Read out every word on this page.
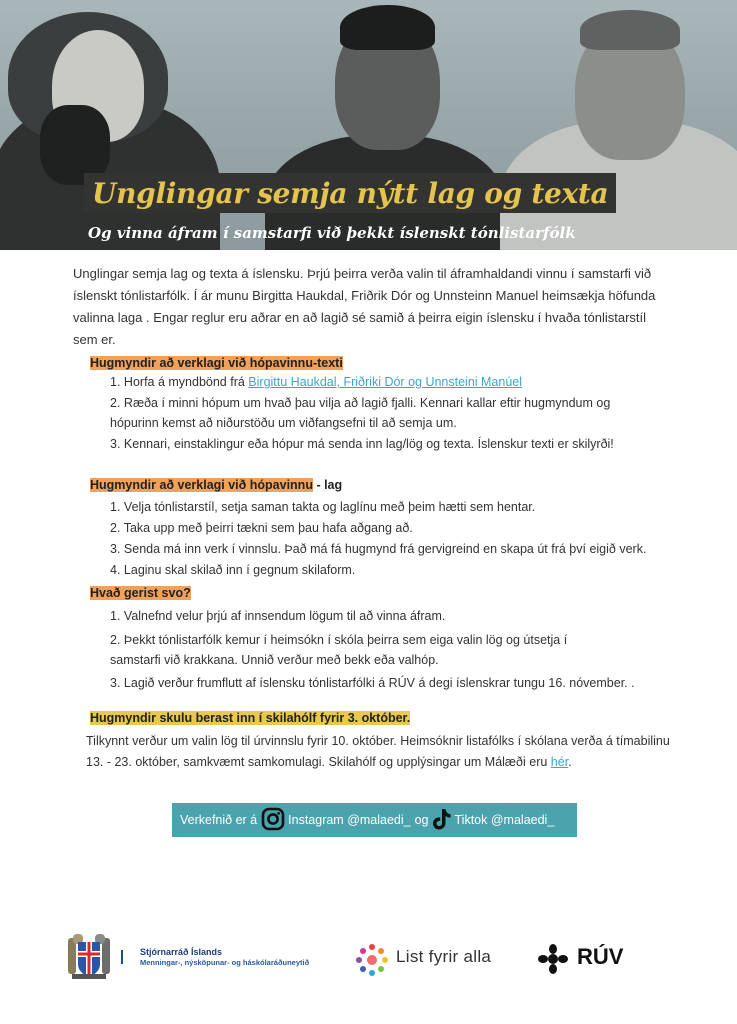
Unglingar semja nýtt lag og texta
Og vinna áfram í samstarfi við þekkt íslenskt tónlistarfólk
Unglingar semja lag og texta á íslensku. Þrjú þeirra verða valin til áframhaldandi vinnu í samstarfi við íslenskt tónlistarfólk. Í ár munu Birgitta Haukdal, Friðrik Dór og Unnsteinn Manuel heimsækja höfunda valinna laga . Engar reglur eru aðrar en að lagið sé samið á þeirra eigin íslensku í hvaða tónlistarstíl sem er.
Hugmyndir að verklagi við hópavinnu-texti
1. Horfa á myndbönd frá Birgittu Haukdal, Friðriki Dór og Unnsteini Manúel
2. Ræða í minni hópum um hvað þau vilja að lagið fjalli. Kennari kallar eftir hugmyndum og
hópurinn kemst að niðurstöðu um viðfangsefni til að semja um.
3. Kennari, einstaklingur eða hópur má senda inn lag/lög og texta. Íslenskur texti er skilyrði!
Hugmyndir að verklagi við hópavinnu - lag
1. Velja tónlistarstíl, setja saman takta og laglínu með þeim hætti sem hentar.
2. Taka upp með þeirri tækni sem þau hafa aðgang að.
3. Senda má inn verk í vinnslu. Það má fá hugmynd frá gervigreind en skapa út frá því eigið verk.
4. Laginu skal skilað inn í gegnum skilaform.
Hvað gerist svo?
1. Valnefnd velur þrjú af innsendum lögum til að vinna áfram.
2. Þekkt tónlistarfólk kemur í heimsókn í skóla þeirra sem eiga valin lög og útsetja í
samstarfi við krakkana. Unnið verður með bekk eða valhóp.
3. Lagið verður frumflutt af íslensku tónlistarfólki á RÚV á degi íslenskrar tungu 16. nóvember. .
Hugmyndir skulu berast inn í skilahólf fyrir 3. október.
Tilkynnt verður um valin lög til úrvinnslu fyrir 10. október. Heimsóknir listafólks í skólana verða á tímabilinu 13. - 23. október, samkvæmt samkomulagi. Skilahólf og upplýsingar um Málæði eru hér.
Verkefnið er á Instagram @malaedi_ og Tiktok @malaedi_
Stjórnarráð Íslands
Menningar-, nýsköpunar- og háskólaráðuneytið	List fyrir alla	RÚV
